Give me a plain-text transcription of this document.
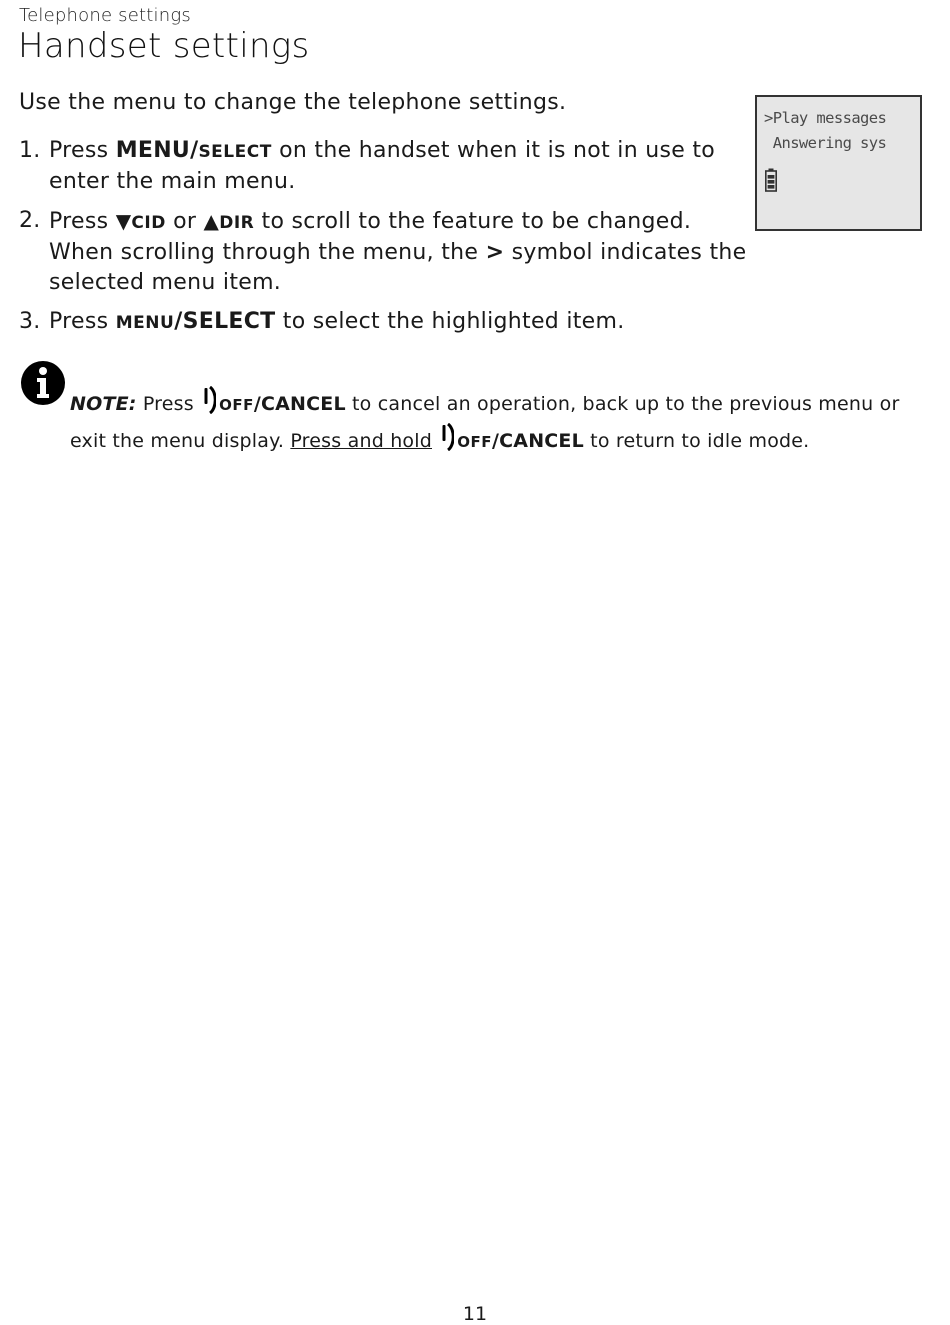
Telephone settings
Handset settings
Use the menu to change the telephone settings.
1. Press MENU/SELECT on the handset when it is not in use to enter the main menu.
2. Press ▼CID or ▲DIR to scroll to the feature to be changed. When scrolling through the menu, the > symbol indicates the selected menu item.
3. Press MENU/SELECT to select the highlighted item.
>Play messages
Answering sys
NOTE: Press OFF/CANCEL to cancel an operation, back up to the previous menu or exit the menu display. Press and hold OFF/CANCEL to return to idle mode.
11
